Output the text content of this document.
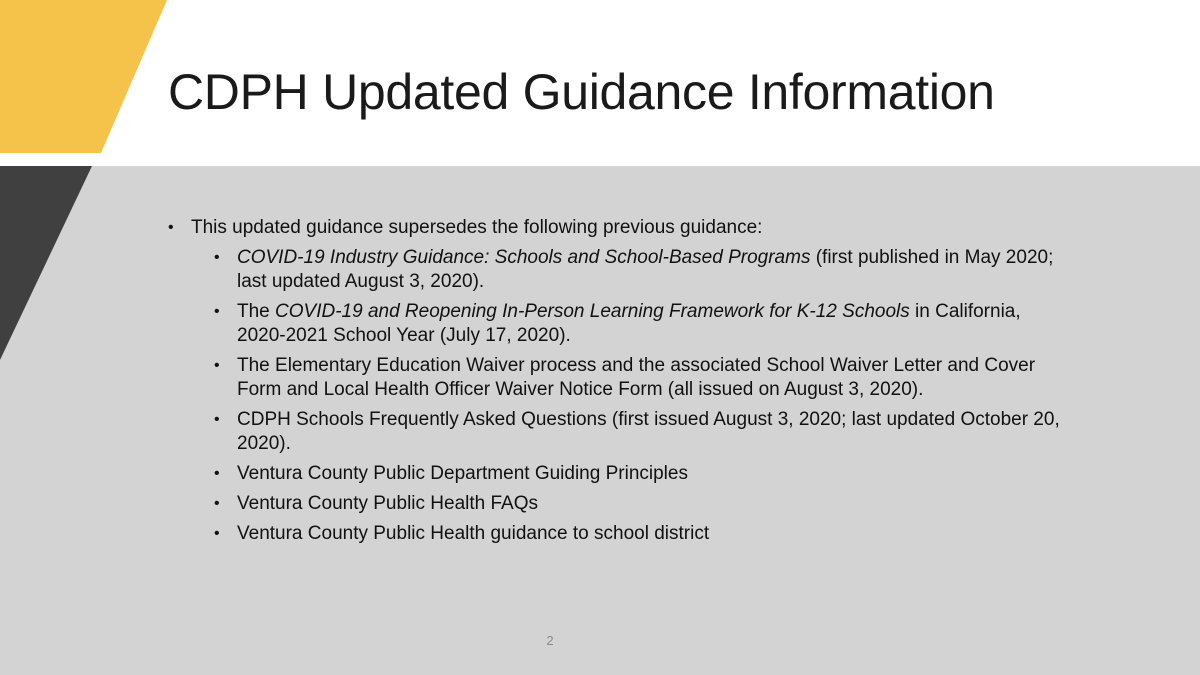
CDPH Updated Guidance Information
• This updated guidance supersedes the following previous guidance:
• COVID-19 Industry Guidance: Schools and School-Based Programs (first published in May 2020; last updated August 3, 2020).
• The COVID-19 and Reopening In-Person Learning Framework for K-12 Schools in California, 2020-2021 School Year (July 17, 2020).
• The Elementary Education Waiver process and the associated School Waiver Letter and Cover Form and Local Health Officer Waiver Notice Form (all issued on August 3, 2020).
• CDPH Schools Frequently Asked Questions (first issued August 3, 2020; last updated October 20, 2020).
• Ventura County Public Department Guiding Principles
• Ventura County Public Health FAQs
• Ventura County Public Health guidance to school district
2
